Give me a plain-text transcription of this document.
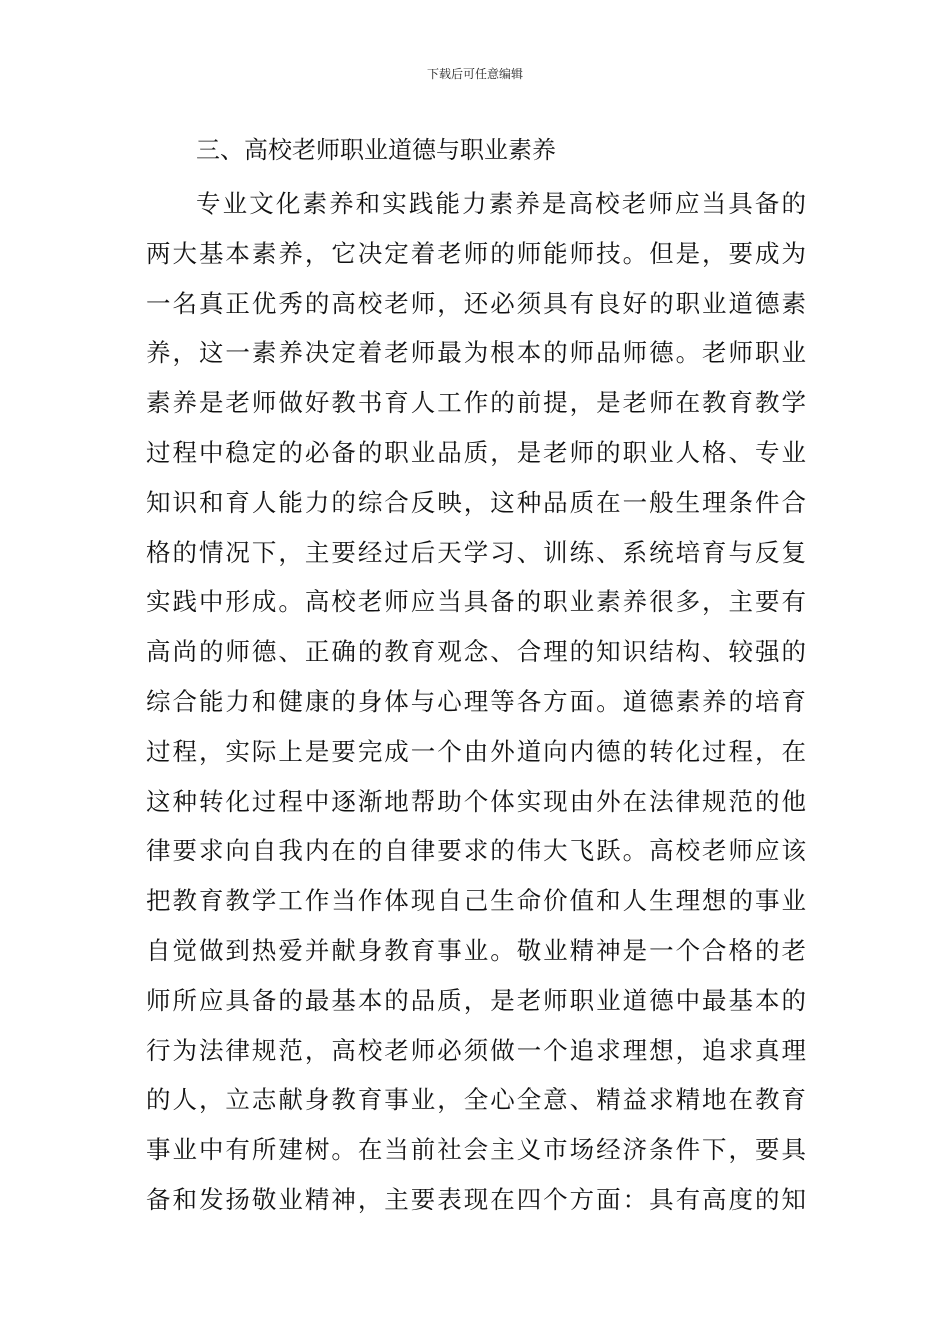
下载后可任意编辑
三、高校老师职业道德与职业素养
专业文化素养和实践能力素养是高校老师应当具备的
两大基本素养，它决定着老师的师能师技。但是，要成为
一名真正优秀的高校老师，还必须具有良好的职业道德素
养，这一素养决定着老师最为根本的师品师德。老师职业
素养是老师做好教书育人工作的前提，是老师在教育教学
过程中稳定的必备的职业品质，是老师的职业人格、专业
知识和育人能力的综合反映，这种品质在一般生理条件合
格的情况下，主要经过后天学习、训练、系统培育与反复
实践中形成。高校老师应当具备的职业素养很多，主要有
高尚的师德、正确的教育观念、合理的知识结构、较强的
综合能力和健康的身体与心理等各方面。道德素养的培育
过程，实际上是要完成一个由外道向内德的转化过程，在
这种转化过程中逐渐地帮助个体实现由外在法律规范的他
律要求向自我内在的自律要求的伟大飞跃。高校老师应该
把教育教学工作当作体现自己生命价值和人生理想的事业
自觉做到热爱并献身教育事业。敬业精神是一个合格的老
师所应具备的最基本的品质，是老师职业道德中最基本的
行为法律规范，高校老师必须做一个追求理想，追求真理
的人，立志献身教育事业，全心全意、精益求精地在教育
事业中有所建树。在当前社会主义市场经济条件下，要具
备和发扬敬业精神，主要表现在四个方面：具有高度的知
